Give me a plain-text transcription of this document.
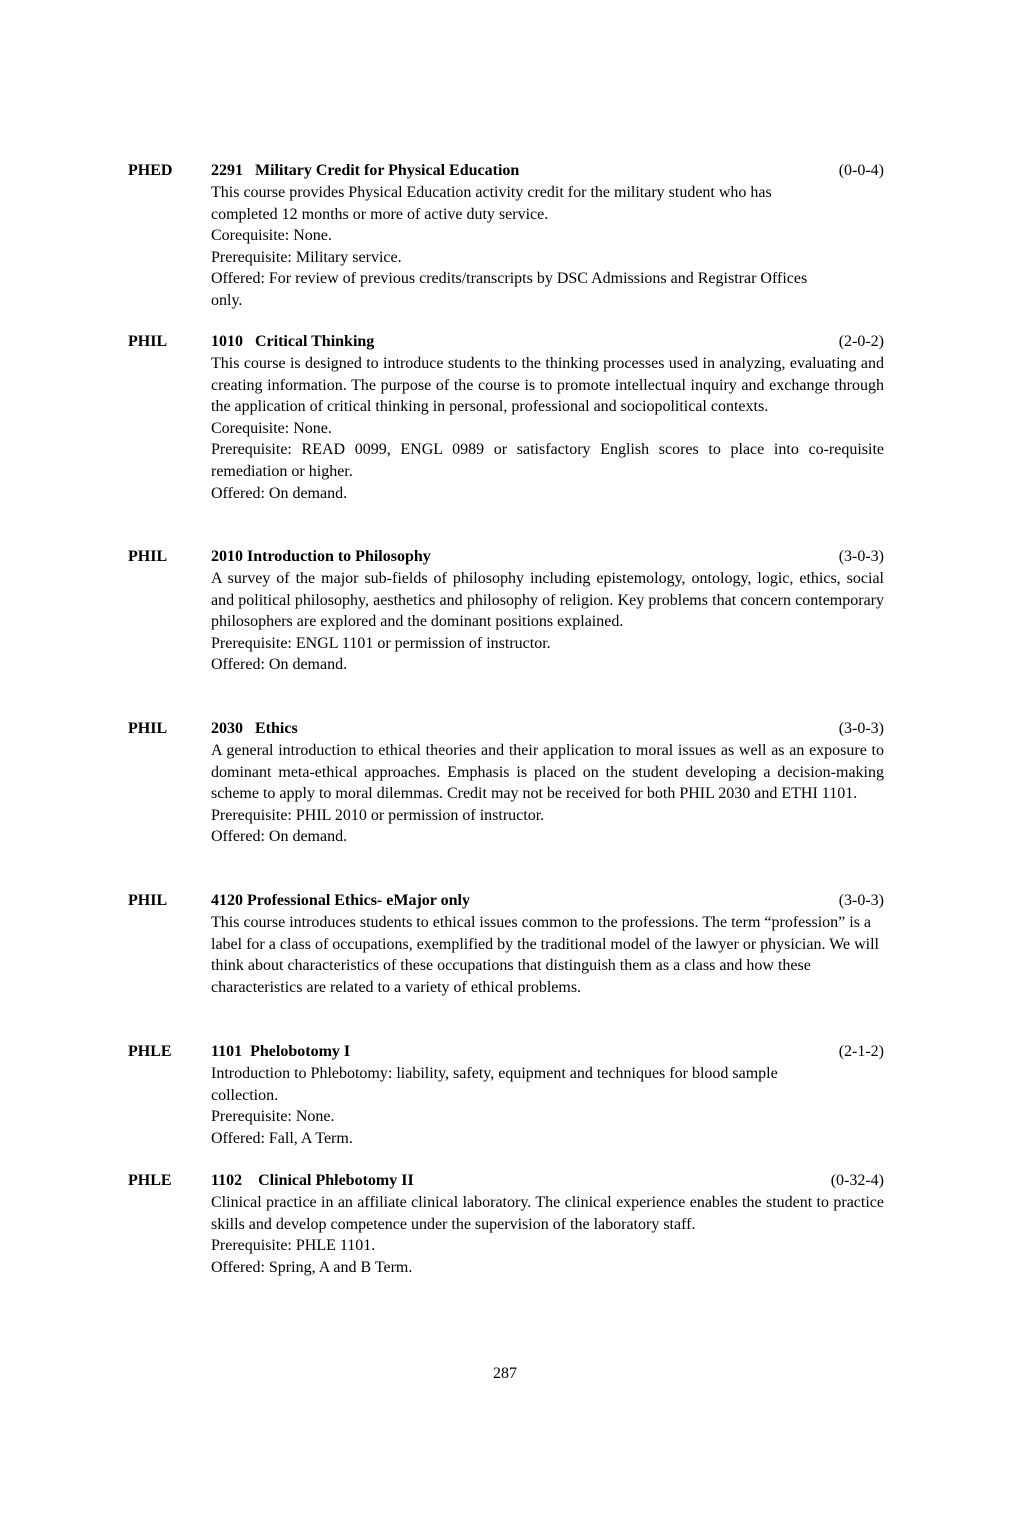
PHED 2291   Military Credit for Physical Education	(0-0-4)
This course provides Physical Education activity credit for the military student who has completed 12 months or more of active duty service.
Corequisite: None.
Prerequisite: Military service.
Offered: For review of previous credits/transcripts by DSC Admissions and Registrar Offices only.
PHIL	1010   Critical Thinking	(2-0-2)
This course is designed to introduce students to the thinking processes used in analyzing, evaluating and creating information. The purpose of the course is to promote intellectual inquiry and exchange through the application of critical thinking in personal, professional and sociopolitical contexts.
Corequisite: None.
Prerequisite: READ 0099, ENGL 0989 or satisfactory English scores to place into co-requisite remediation or higher.
Offered: On demand.
PHIL	2010 Introduction to Philosophy	(3-0-3)
A survey of the major sub-fields of philosophy including epistemology, ontology, logic, ethics, social and political philosophy, aesthetics and philosophy of religion. Key problems that concern contemporary philosophers are explored and the dominant positions explained.
Prerequisite: ENGL 1101 or permission of instructor.
Offered: On demand.
PHIL	2030   Ethics	(3-0-3)
A general introduction to ethical theories and their application to moral issues as well as an exposure to dominant meta-ethical approaches. Emphasis is placed on the student developing a decision-making scheme to apply to moral dilemmas. Credit may not be received for both PHIL 2030 and ETHI 1101.
Prerequisite: PHIL 2010 or permission of instructor.
Offered: On demand.
PHIL	4120 Professional Ethics- eMajor only	(3-0-3)
This course introduces students to ethical issues common to the professions. The term “profession” is a label for a class of occupations, exemplified by the traditional model of the lawyer or physician. We will think about characteristics of these occupations that distinguish them as a class and how these characteristics are related to a variety of ethical problems.
PHLE 1101  Phelobotomy I	(2-1-2)
Introduction to Phlebotomy: liability, safety, equipment and techniques for blood sample collection.
Prerequisite: None.
Offered: Fall, A Term.
PHLE 1102    Clinical Phlebotomy II	(0-32-4)
Clinical practice in an affiliate clinical laboratory. The clinical experience enables the student to practice skills and develop competence under the supervision of the laboratory staff.
Prerequisite: PHLE 1101.
Offered: Spring, A and B Term.
287
